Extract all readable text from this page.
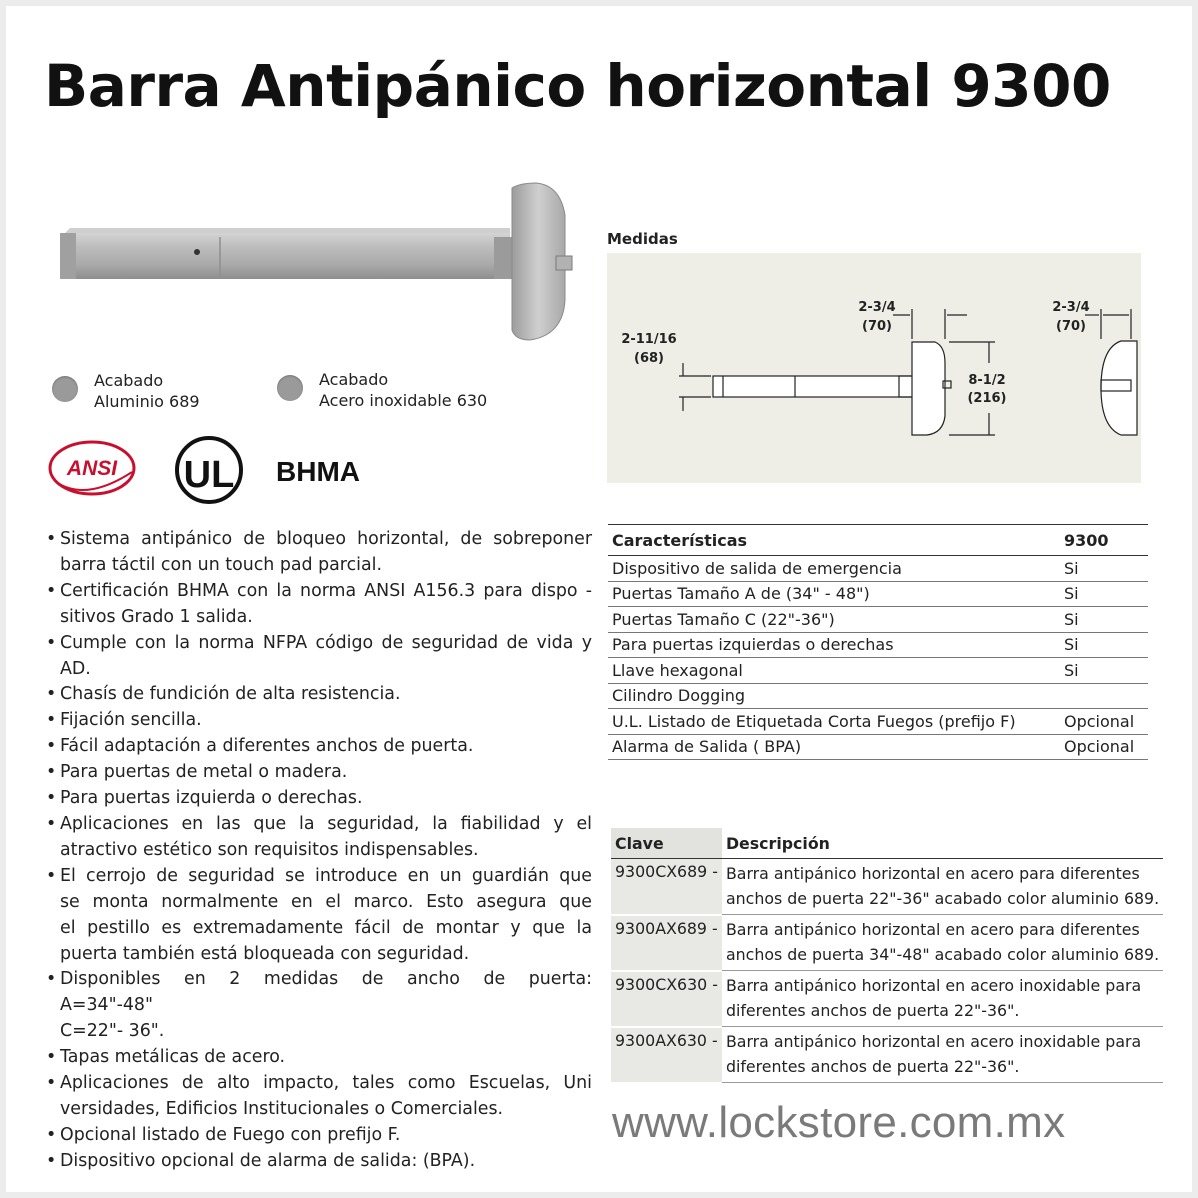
Barra Antipánico horizontal 9300
Acabado
Aluminio 689
Acabado
Acero inoxidable 630
ANSI UL BHMA
• Sistema antipánico de bloqueo horizontal, de sobreponer
barra táctil con un touch pad parcial.
• Certificación BHMA con la norma ANSI A156.3 para dispo -
sitivos Grado 1 salida.
• Cumple con la norma NFPA código de seguridad de vida y AD.
• Chasís de fundición de alta resistencia.
• Fijación sencilla.
• Fácil adaptación a diferentes anchos de puerta.
• Para puertas de metal o madera.
• Para puertas izquierda o derechas.
• Aplicaciones en las que la seguridad, la fiabilidad y el
atractivo estético son requisitos indispensables.
• El cerrojo de seguridad se introduce en un guardián que
se monta normalmente en el marco. Esto asegura que
el pestillo es extremadamente fácil de montar y que la
puerta también está bloqueada con seguridad.
• Disponibles en 2 medidas de ancho de puerta:
A=34"-48"
C=22"- 36".
• Tapas metálicas de acero.
• Aplicaciones de alto impacto, tales como Escuelas, Uni
versidades, Edificios Institucionales o Comerciales.
• Opcional listado de Fuego con prefijo F.
• Dispositivo opcional de alarma de salida: (BPA).
Medidas
2-11/16
(68)
2-3/4
(70)
8-1/2
(216)
2-3/4
(70)
Características	9300
Dispositivo de salida de emergencia	Si
Puertas Tamaño A de (34" - 48")	Si
Puertas Tamaño C (22"-36")	Si
Para puertas izquierdas o derechas	Si
Llave hexagonal	Si
Cilindro Dogging	
U.L. Listado de Etiquetada Corta Fuegos (prefijo F)	Opcional
Alarma de Salida ( BPA)	Opcional
Clave	Descripción
9300CX689 -	Barra antipánico horizontal en acero para diferentes
anchos de puerta 22"-36" acabado color aluminio 689.

9300AX689 -	Barra antipánico horizontal en acero para diferentes
anchos de puerta 34"-48" acabado color aluminio 689.

9300CX630 -	Barra antipánico horizontal en acero inoxidable para
diferentes anchos de puerta 22"-36".

9300AX630 -	Barra antipánico horizontal en acero inoxidable para
diferentes anchos de puerta 22"-36".
www.lockstore.com.mx
